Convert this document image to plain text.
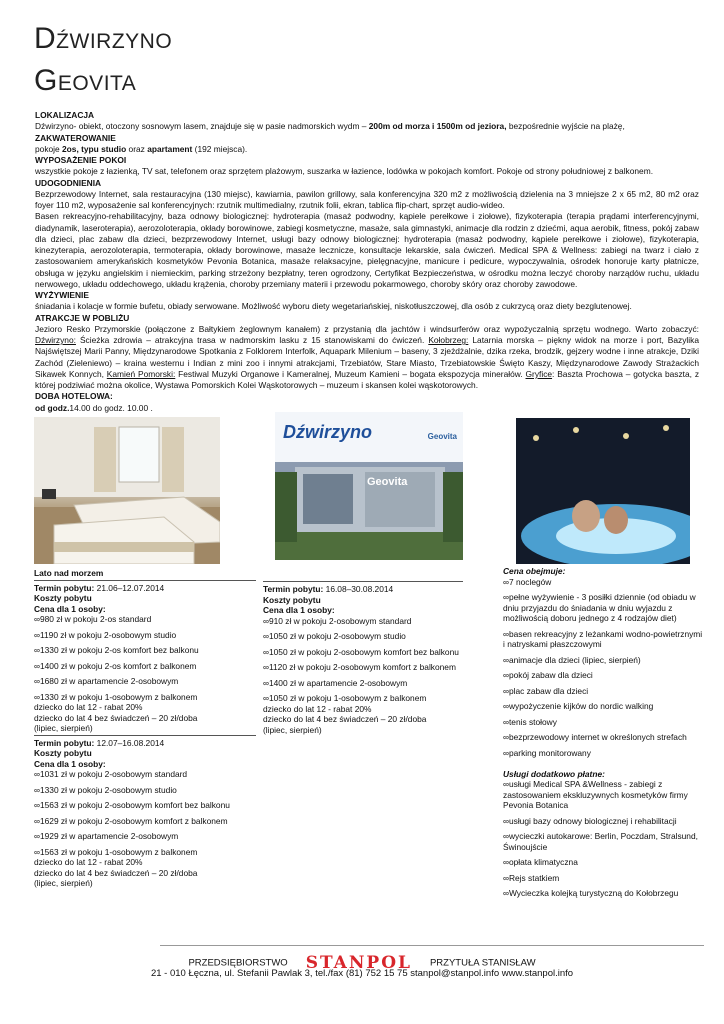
DŹWIRZYNO
GEOVITA

LOKALIZACJA

Dźwirzyno- obiekt, otoczony sosnowym lasem, znajduje się w pasie nadmorskich wydm – 200m od morza i 1500m od jeziora, bezpośrednie wyjście na plażę,

ZAKWATEROWANIE

pokoje 2os, typu studio oraz apartament (192 miejsca).

WYPOSAŻENIE POKOI

wszystkie pokoje z łazienką, TV sat, telefonem oraz sprzętem plażowym, suszarka w łazience, lodówka w pokojach komfort. Pokoje od strony południowej z balkonem.

UDOGODNIENIA

Bezprzewodowy Internet, sala restauracyjna (130 miejsc), kawiarnia, pawilon grillowy, sala konferencyjna 320 m2 z możliwością dzielenia na 3 mniejsze 2 x 65 m2, 80 m2 oraz foyer 110 m2, wyposażenie sal konferencyjnych: rzutnik multimedialny, rzutnik folii, ekran, tablica flip-chart, sprzęt audio-wideo.

Basen rekreacyjno-rehabilitacyjny, baza odnowy biologicznej: hydroterapia (masaż podwodny, kąpiele perełkowe i ziołowe), fizykoterapia (terapia prądami interferencyjnymi, diadynamik, laseroterapia), aerozoloterapia, okłady borowinowe, zabiegi kosmetyczne, masaże, sala gimnastyki, animacje dla rodzin z dziećmi, aqua aerobik, fitness, pokój zabaw dla dzieci, plac zabaw dla dzieci, bezprzewodowy Internet, usługi bazy odnowy biologicznej: hydroterapia (masaż podwodny, kąpiele perełkowe i ziołowe), fizykoterapia, kinezyterapia, aerozoloterapia, termoterapia, okłady borowinowe, masaże lecznicze, konsultacje lekarskie, sala ćwiczeń. Medical SPA & Wellness: zabiegi na twarz i ciało z zastosowaniem amerykańskich kosmetyków Pevonia Botanica, masaże relaksacyjne, pielęgnacyjne, manicure i pedicure, wypoczywalnia, ośrodek honoruje karty płatnicze, obsługa w języku angielskim i niemieckim, parking strzeżony bezpłatny, teren ogrodzony, Certyfikat Bezpieczeństwa, w ośrodku można leczyć choroby narządów ruchu, układu nerwowego, układu oddechowego, układu krążenia, choroby przemiany materii i przewodu pokarmowego, choroby skóry oraz choroby zawodowe.

WYŻYWIENIE

śniadania i kolacje w formie bufetu, obiady serwowane. Możliwość wyboru diety wegetariańskiej, niskotłuszczowej, dla osób z cukrzycą oraz diety bezglutenowej.

ATRAKCJE W POBLIŻU

Jezioro Resko Przymorskie (połączone z Bałtykiem żeglownym kanałem) z przystanią dla jachtów i windsurferów oraz wypożyczalnią sprzętu wodnego. Warto zobaczyć: Dźwirzyno: Ścieżka zdrowia – atrakcyjna trasa w nadmorskim lasku z 15 stanowiskami do ćwiczeń. Kołobrzeg: Latarnia morska – piękny widok na morze i port, Bazylika Najświętszej Marii Panny, Międzynarodowe Spotkania z Folklorem Interfolk, Aquapark Milenium – baseny, 3 zjeżdżalnie, dzika rzeka, brodzik, gejzery wodne i inne atrakcje, Dziki Zachód (Zieleniewo) – kraina westernu i Indian z mini zoo i innymi atrakcjami, Trzebiatów, Stare Miasto, Trzebiatowskie Święto Kaszy, Międzynarodowe Zawody Strażackich Sikawek Konnych, Kamień Pomorski: Festiwal Muzyki Organowe i Kameralnej, Muzeum Kamieni – bogata ekspozycja minerałów. Gryfice: Baszta Prochowa – gotycka baszta, z której podziwiać można okolice, Wystawa Pomorskich Kolei Wąskotorowych – muzeum i skansen kolei wąskotorowych.

DOBA HOTELOWA:

od godz.14.00 do godz. 10.00 .

Dźwirzyno	Geovita
Geovita

Lato nad morzem

Termin pobytu: 21.06–12.07.2014

Koszty pobytu

Cena dla 1 osoby:

∞980 zł w pokoju 2-os standard

∞1190 zł w pokoju 2-osobowym studio

∞1330 zł w pokoju 2-os komfort bez balkonu

∞1400 zł w pokoju 2-os komfort z balkonem

∞1680 zł w apartamencie 2-osobowym

∞1330 zł w pokoju 1-osobowym z balkonem

dziecko do lat 12 - rabat 20%

dziecko do lat 4 bez świadczeń – 20 zł/doba

(lipiec, sierpień)

Termin pobytu: 12.07–16.08.2014

Koszty pobytu

Cena dla 1 osoby:

∞1031 zł w pokoju 2-osobowym standard

∞1330 zł w pokoju 2-osobowym studio

∞1563 zł w pokoju 2-osobowym komfort bez balkonu

∞1629 zł w pokoju 2-osobowym komfort z balkonem

∞1929 zł w apartamencie 2-osobowym

∞1563 zł w pokoju 1-osobowym z balkonem

dziecko do lat 12 - rabat 20%

dziecko do lat 4 bez świadczeń – 20 zł/doba

(lipiec, sierpień)

Termin pobytu: 16.08–30.08.2014

Koszty pobytu

Cena dla 1 osoby:

∞910 zł w pokoju 2-osobowym standard

∞1050 zł w pokoju 2-osobowym studio

∞1050 zł w pokoju 2-osobowym komfort bez balkonu

∞1120 zł w pokoju 2-osobowym komfort z balkonem

∞1400 zł w apartamencie 2-osobowym

∞1050 zł w pokoju 1-osobowym z balkonem

dziecko do lat 12 - rabat 20%

dziecko do lat 4 bez świadczeń – 20 zł/doba

(lipiec, sierpień)

Cena obejmuje:

∞7 noclegów

∞pełne wyżywienie - 3 posiłki dziennie (od obiadu w dniu przyjazdu do śniadania w dniu wyjazdu z możliwością doboru jednego z 4 rodzajów diet)

∞basen rekreacyjny z leżankami wodno-powietrznymi i natryskami płaszczowymi

∞animacje dla dzieci (lipiec, sierpień)

∞pokój zabaw dla dzieci

∞plac zabaw dla dzieci

∞wypożyczenie kijków do nordic walking

∞tenis stołowy

∞bezprzewodowy internet w określonych strefach

∞parking monitorowany

Usługi dodatkowo płatne:

∞usługi Medical SPA &Wellness - zabiegi z zastosowaniem ekskluzywnych kosmetyków firmy Pevonia Botanica

∞usługi bazy odnowy biologicznej i rehabilitacji

∞wycieczki autokarowe: Berlin, Poczdam, Stralsund, Świnoujście

∞opłata klimatyczna

∞Rejs statkiem

∞Wycieczka kolejką turystyczną do Kołobrzegu

PRZEDSIĘBIORSTWO STANPOL PRZYTUŁA STANISŁAW
21 - 010 Łęczna, ul. Stefanii Pawlak 3, tel./fax (81) 752 15 75 stanpol@stanpol.info www.stanpol.info
